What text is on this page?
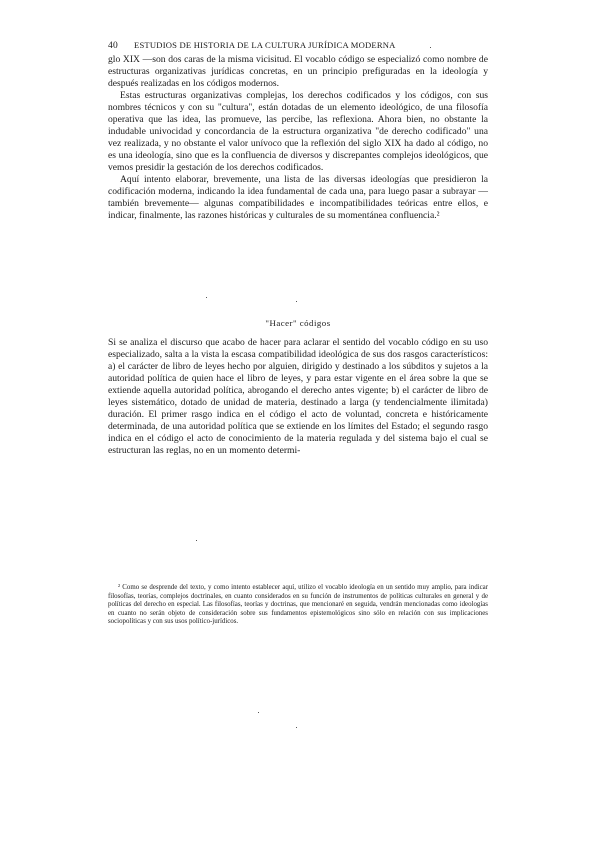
40 ESTUDIOS DE HISTORIA DE LA CULTURA JURÍDICA MODERNA

glo XIX —son dos caras de la misma vicisitud. El vocablo código se especializó como nombre de estructuras organizativas jurídicas concretas, en un principio prefiguradas en la ideología y después realizadas en los códigos modernos.

Estas estructuras organizativas complejas, los derechos codificados y los códigos, con sus nombres técnicos y con su "cultura", están dotadas de un elemento ideológico, de una filosofía operativa que las idea, las promueve, las percibe, las reflexiona. Ahora bien, no obstante la indudable univocidad y concordancia de la estructura organizativa "de derecho codificado" una vez realizada, y no obstante el valor unívoco que la reflexión del siglo XIX ha dado al código, no es una ideología, sino que es la confluencia de diversos y discrepantes complejos ideológicos, que vemos presidir la gestación de los derechos codificados.

Aquí intento elaborar, brevemente, una lista de las diversas ideologías que presidieron la codificación moderna, indicando la idea fundamental de cada una, para luego pasar a subrayar —también brevemente— algunas compatibilidades e incompatibilidades teóricas entre ellos, e indicar, finalmente, las razones históricas y culturales de su momentánea confluencia.²

"Hacer" códigos

Si se analiza el discurso que acabo de hacer para aclarar el sentido del vocablo código en su uso especializado, salta a la vista la escasa compatibilidad ideológica de sus dos rasgos característicos: a) el carácter de libro de leyes hecho por alguien, dirigido y destinado a los súbditos y sujetos a la autoridad política de quien hace el libro de leyes, y para estar vigente en el área sobre la que se extiende aquella autoridad política, abrogando el derecho antes vigente; b) el carácter de libro de leyes sistemático, dotado de unidad de materia, destinado a larga (y tendencialmente ilimitada) duración. El primer rasgo indica en el código el acto de voluntad, concreta e históricamente determinada, de una autoridad política que se extiende en los límites del Estado; el segundo rasgo indica en el código el acto de conocimiento de la materia regulada y del sistema bajo el cual se estructuran las reglas, no en un momento determi-

² Como se desprende del texto, y como intento establecer aquí, utilizo el vocablo ideología en un sentido muy amplio, para indicar filosofías, teorías, complejos doctrinales, en cuanto considerados en su función de instrumentos de políticas culturales en general y de políticas del derecho en especial. Las filosofías, teorías y doctrinas, que mencionaré en seguida, vendrán mencionadas como ideologías en cuanto no serán objeto de consideración sobre sus fundamentos epistemológicos sino sólo en relación con sus implicaciones sociopolíticas y con sus usos político-jurídicos.
